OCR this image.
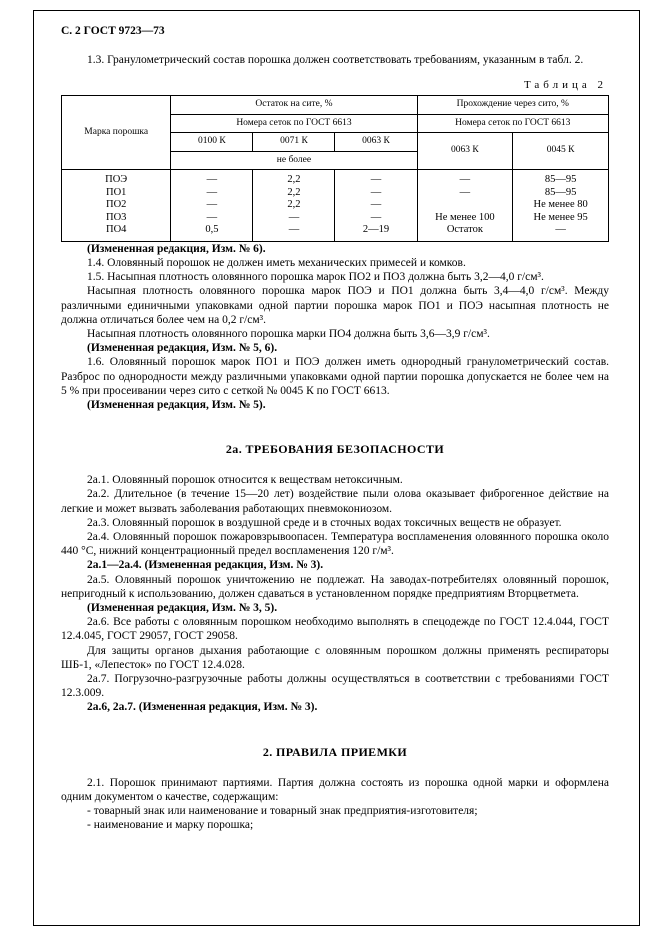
С. 2 ГОСТ 9723—73

1.3. Гранулометрический состав порошка должен соответствовать требованиям, указанным в табл. 2.

Таблица 2
Марка порошка	Остаток на сите, %			Прохождение через сито, %	
	Номера сеток по ГОСТ 6613			Номера сеток по ГОСТ 6613	
	0100 К	0071 К	0063 К	0063 К	0045 К
	не более				
ПОЭ	—	2,2	—	—	85—95
ПО1	—	2,2	—	—	85—95
ПО2	—	2,2	—		Не менее 80
ПО3	—	—	—	Не менее 100	Не менее 95
ПО4	0,5	—	2—19	Остаток	—

(Измененная редакция, Изм. № 6).

1.4. Оловянный порошок не должен иметь механических примесей и комков.

1.5. Насыпная плотность оловянного порошка марок ПО2 и ПО3 должна быть 3,2—4,0 г/см³.

Насыпная плотность оловянного порошка марок ПОЭ и ПО1 должна быть 3,4—4,0 г/см³. Между различными единичными упаковками одной партии порошка марок ПО1 и ПОЭ насыпная плотность не должна отличаться более чем на 0,2 г/см³.

Насыпная плотность оловянного порошка марки ПО4 должна быть 3,6—3,9 г/см³.

(Измененная редакция, Изм. № 5, 6).

1.6. Оловянный порошок марок ПО1 и ПОЭ должен иметь однородный гранулометрический состав. Разброс по однородности между различными упаковками одной партии порошка допускается не более чем на 5 % при просеивании через сито с сеткой № 0045 К по ГОСТ 6613.

(Измененная редакция, Изм. № 5).

2а. ТРЕБОВАНИЯ БЕЗОПАСНОСТИ

2а.1. Оловянный порошок относится к веществам нетоксичным.

2а.2. Длительное (в течение 15—20 лет) воздействие пыли олова оказывает фиброгенное действие на легкие и может вызвать заболевания работающих пневмокониозом.

2а.3. Оловянный порошок в воздушной среде и в сточных водах токсичных веществ не образует.

2а.4. Оловянный порошок пожаровзрывоопасен. Температура воспламенения оловянного порошка около 440 °С, нижний концентрационный предел воспламенения 120 г/м³.

2а.1—2а.4. (Измененная редакция, Изм. № 3).

2а.5. Оловянный порошок уничтожению не подлежат. На заводах-потребителях оловянный порошок, непригодный к использованию, должен сдаваться в установленном порядке предприятиям Вторцветмета.

(Измененная редакция, Изм. № 3, 5).

2а.6. Все работы с оловянным порошком необходимо выполнять в спецодежде по ГОСТ 12.4.044, ГОСТ 12.4.045, ГОСТ 29057, ГОСТ 29058.

Для защиты органов дыхания работающие с оловянным порошком должны применять респираторы ШБ-1, «Лепесток» по ГОСТ 12.4.028.

2а.7. Погрузочно-разгрузочные работы должны осуществляться в соответствии с требованиями ГОСТ 12.3.009.

2а.6, 2а.7. (Измененная редакция, Изм. № 3).

2. ПРАВИЛА ПРИЕМКИ

2.1. Порошок принимают партиями. Партия должна состоять из порошка одной марки и оформлена одним документом о качестве, содержащим:

- товарный знак или наименование и товарный знак предприятия-изготовителя;

- наименование и марку порошка;
